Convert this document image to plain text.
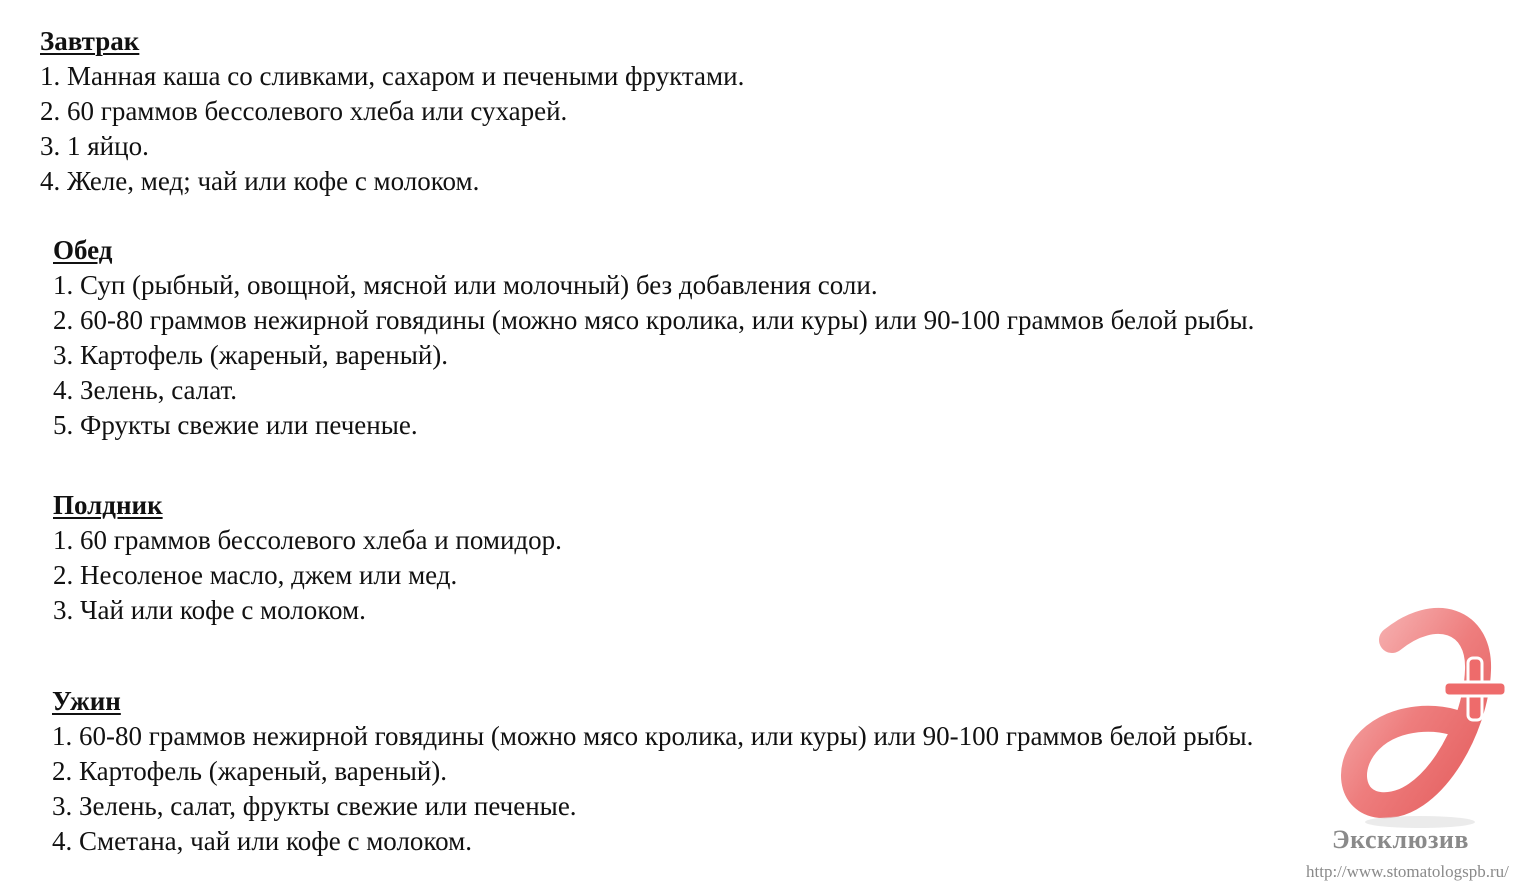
Завтрак
1. Манная каша со сливками, сахаром и печеными фруктами.
2. 60 граммов бессолевого хлеба или сухарей.
3. 1 яйцо.
4. Желе, мед; чай или кофе с молоком.
Обед
1. Суп (рыбный, овощной, мясной или молочный) без добавления соли.
2. 60-80 граммов нежирной говядины (можно мясо кролика, или куры) или 90-100 граммов белой рыбы.
3. Картофель (жареный, вареный).
4. Зелень, салат.
5. Фрукты свежие или печеные.
Полдник
1. 60 граммов бессолевого хлеба и помидор.
2. Несоленое масло, джем или мед.
3. Чай или кофе с молоком.
Ужин
1. 60-80 граммов нежирной говядины (можно мясо кролика, или куры) или 90-100 граммов белой рыбы.
2. Картофель (жареный, вареный).
3. Зелень, салат, фрукты свежие или печеные.
4. Сметана, чай или кофе с молоком.	Эксклюзив
http://www.stomatologspb.ru/
